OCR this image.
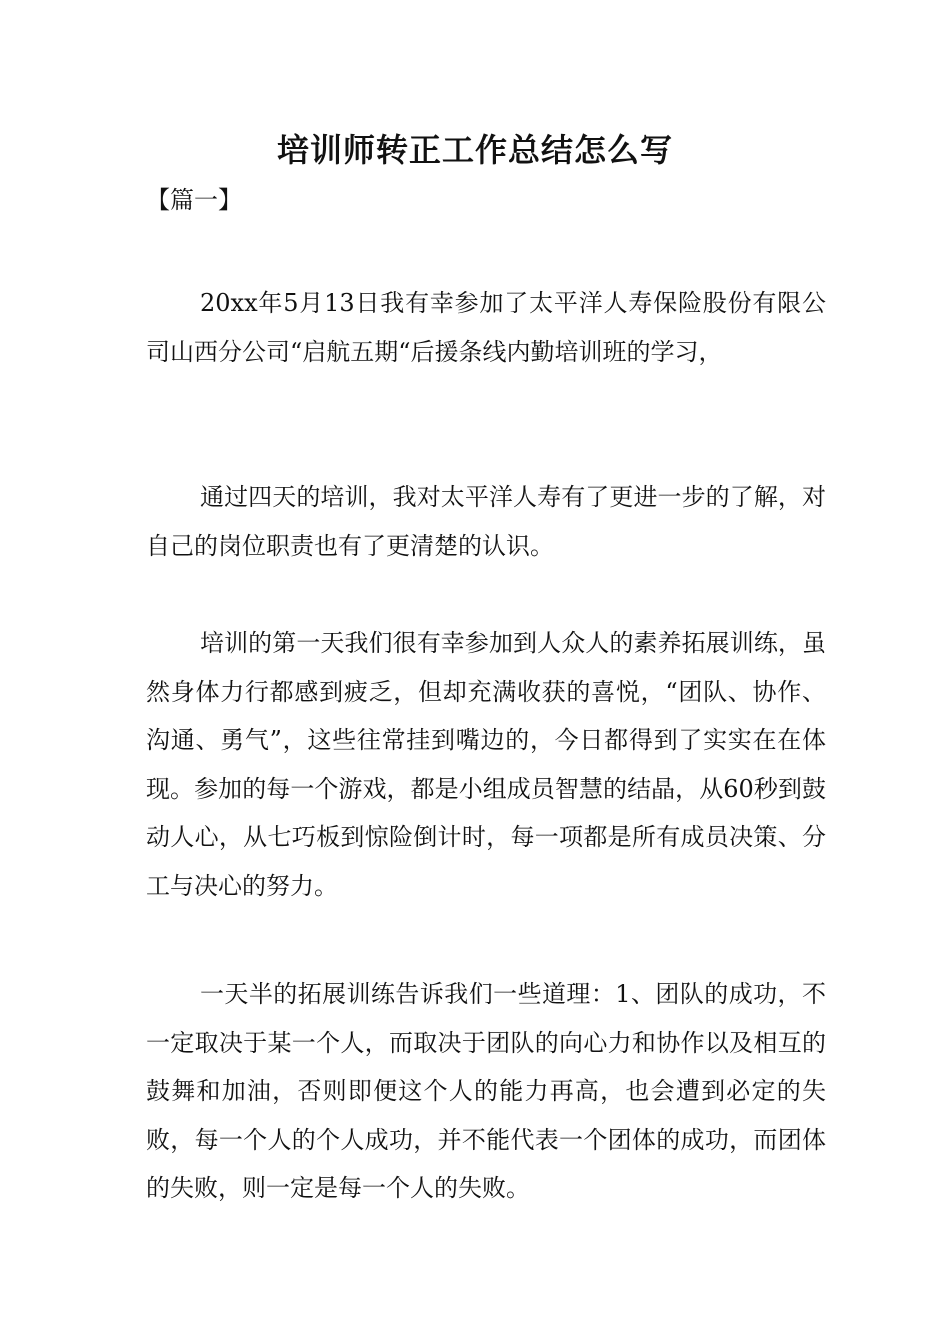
培训师转正工作总结怎么写
【篇一】

20xx年5月13日我有幸参加了太平洋人寿保险股份有限公司山西分公司“启航五期“后援条线内勤培训班的学习，

通过四天的培训，我对太平洋人寿有了更进一步的了解，对自己的岗位职责也有了更清楚的认识。

培训的第一天我们很有幸参加到人众人的素养拓展训练，虽然身体力行都感到疲乏，但却充满收获的喜悦，“团队、协作、沟通、勇气”，这些往常挂到嘴边的，今日都得到了实实在在体现。参加的每一个游戏，都是小组成员智慧的结晶，从60秒到鼓动人心，从七巧板到惊险倒计时，每一项都是所有成员决策、分工与决心的努力。

一天半的拓展训练告诉我们一些道理：1、团队的成功，不一定取决于某一个人，而取决于团队的向心力和协作以及相互的鼓舞和加油，否则即便这个人的能力再高，也会遭到必定的失败，每一个人的个人成功，并不能代表一个团体的成功，而团体的失败，则一定是每一个人的失败。
